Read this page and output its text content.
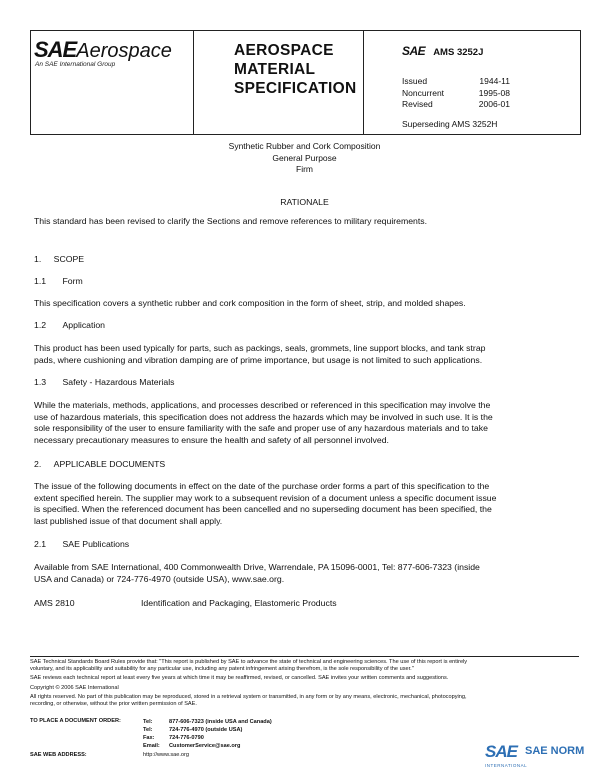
SAEAerospace
An SAE International Group
AEROSPACE
MATERIAL
SPECIFICATION
SAE AMS 3252J
Issued	1944-11
Noncurrent	1995-08
Revised	2006-01
Superseding AMS 3252H
Synthetic Rubber and Cork Composition
General Purpose
Firm
RATIONALE
This standard has been revised to clarify the Sections and remove references to military requirements.
1. SCOPE
1.1 Form
This specification covers a synthetic rubber and cork composition in the form of sheet, strip, and molded shapes.
1.2 Application
This product has been used typically for parts, such as packings, seals, grommets, line support blocks, and tank strap
pads, where cushioning and vibration damping are of prime importance, but usage is not limited to such applications.
1.3 Safety - Hazardous Materials
While the materials, methods, applications, and processes described or referenced in this specification may involve the
use of hazardous materials, this specification does not address the hazards which may be involved in such use. It is the
sole responsibility of the user to ensure familiarity with the safe and proper use of any hazardous materials and to take
necessary precautionary measures to ensure the health and safety of all personnel involved.
2. APPLICABLE DOCUMENTS
The issue of the following documents in effect on the date of the purchase order forms a part of this specification to the
extent specified herein. The supplier may work to a subsequent revision of a document unless a specific document issue
is specified. When the referenced document has been cancelled and no superseding document has been specified, the
last published issue of that document shall apply.
2.1 SAE Publications
Available from SAE International, 400 Commonwealth Drive, Warrendale, PA 15096-0001, Tel: 877-606-7323 (inside
USA and Canada) or 724-776-4970 (outside USA), www.sae.org.
AMS 2810	Identification and Packaging, Elastomeric Products
SAE Technical Standards Board Rules provide that: "This report is published by SAE to advance the state of technical and engineering sciences. The use of this report is entirely
voluntary, and its applicability and suitability for any particular use, including any patent infringement arising therefrom, is the sole responsibility of the user."
SAE reviews each technical report at least every five years at which time it may be reaffirmed, revised, or cancelled. SAE invites your written comments and suggestions.
Copyright © 2006 SAE International
All rights reserved. No part of this publication may be reproduced, stored in a retrieval system or transmitted, in any form or by any means, electronic, mechanical, photocopying,
recording, or otherwise, without the prior written permission of SAE.
TO PLACE A DOCUMENT ORDER:	Tel:	877-606-7323 (inside USA and Canada)
Tel:	724-776-4970 (outside USA)
Fax:	724-776-0790
Email:	CustomerService@sae.org
SAE WEB ADDRESS:	http://www.sae.org	SAE SAE NORM
INTERNATIONAL
